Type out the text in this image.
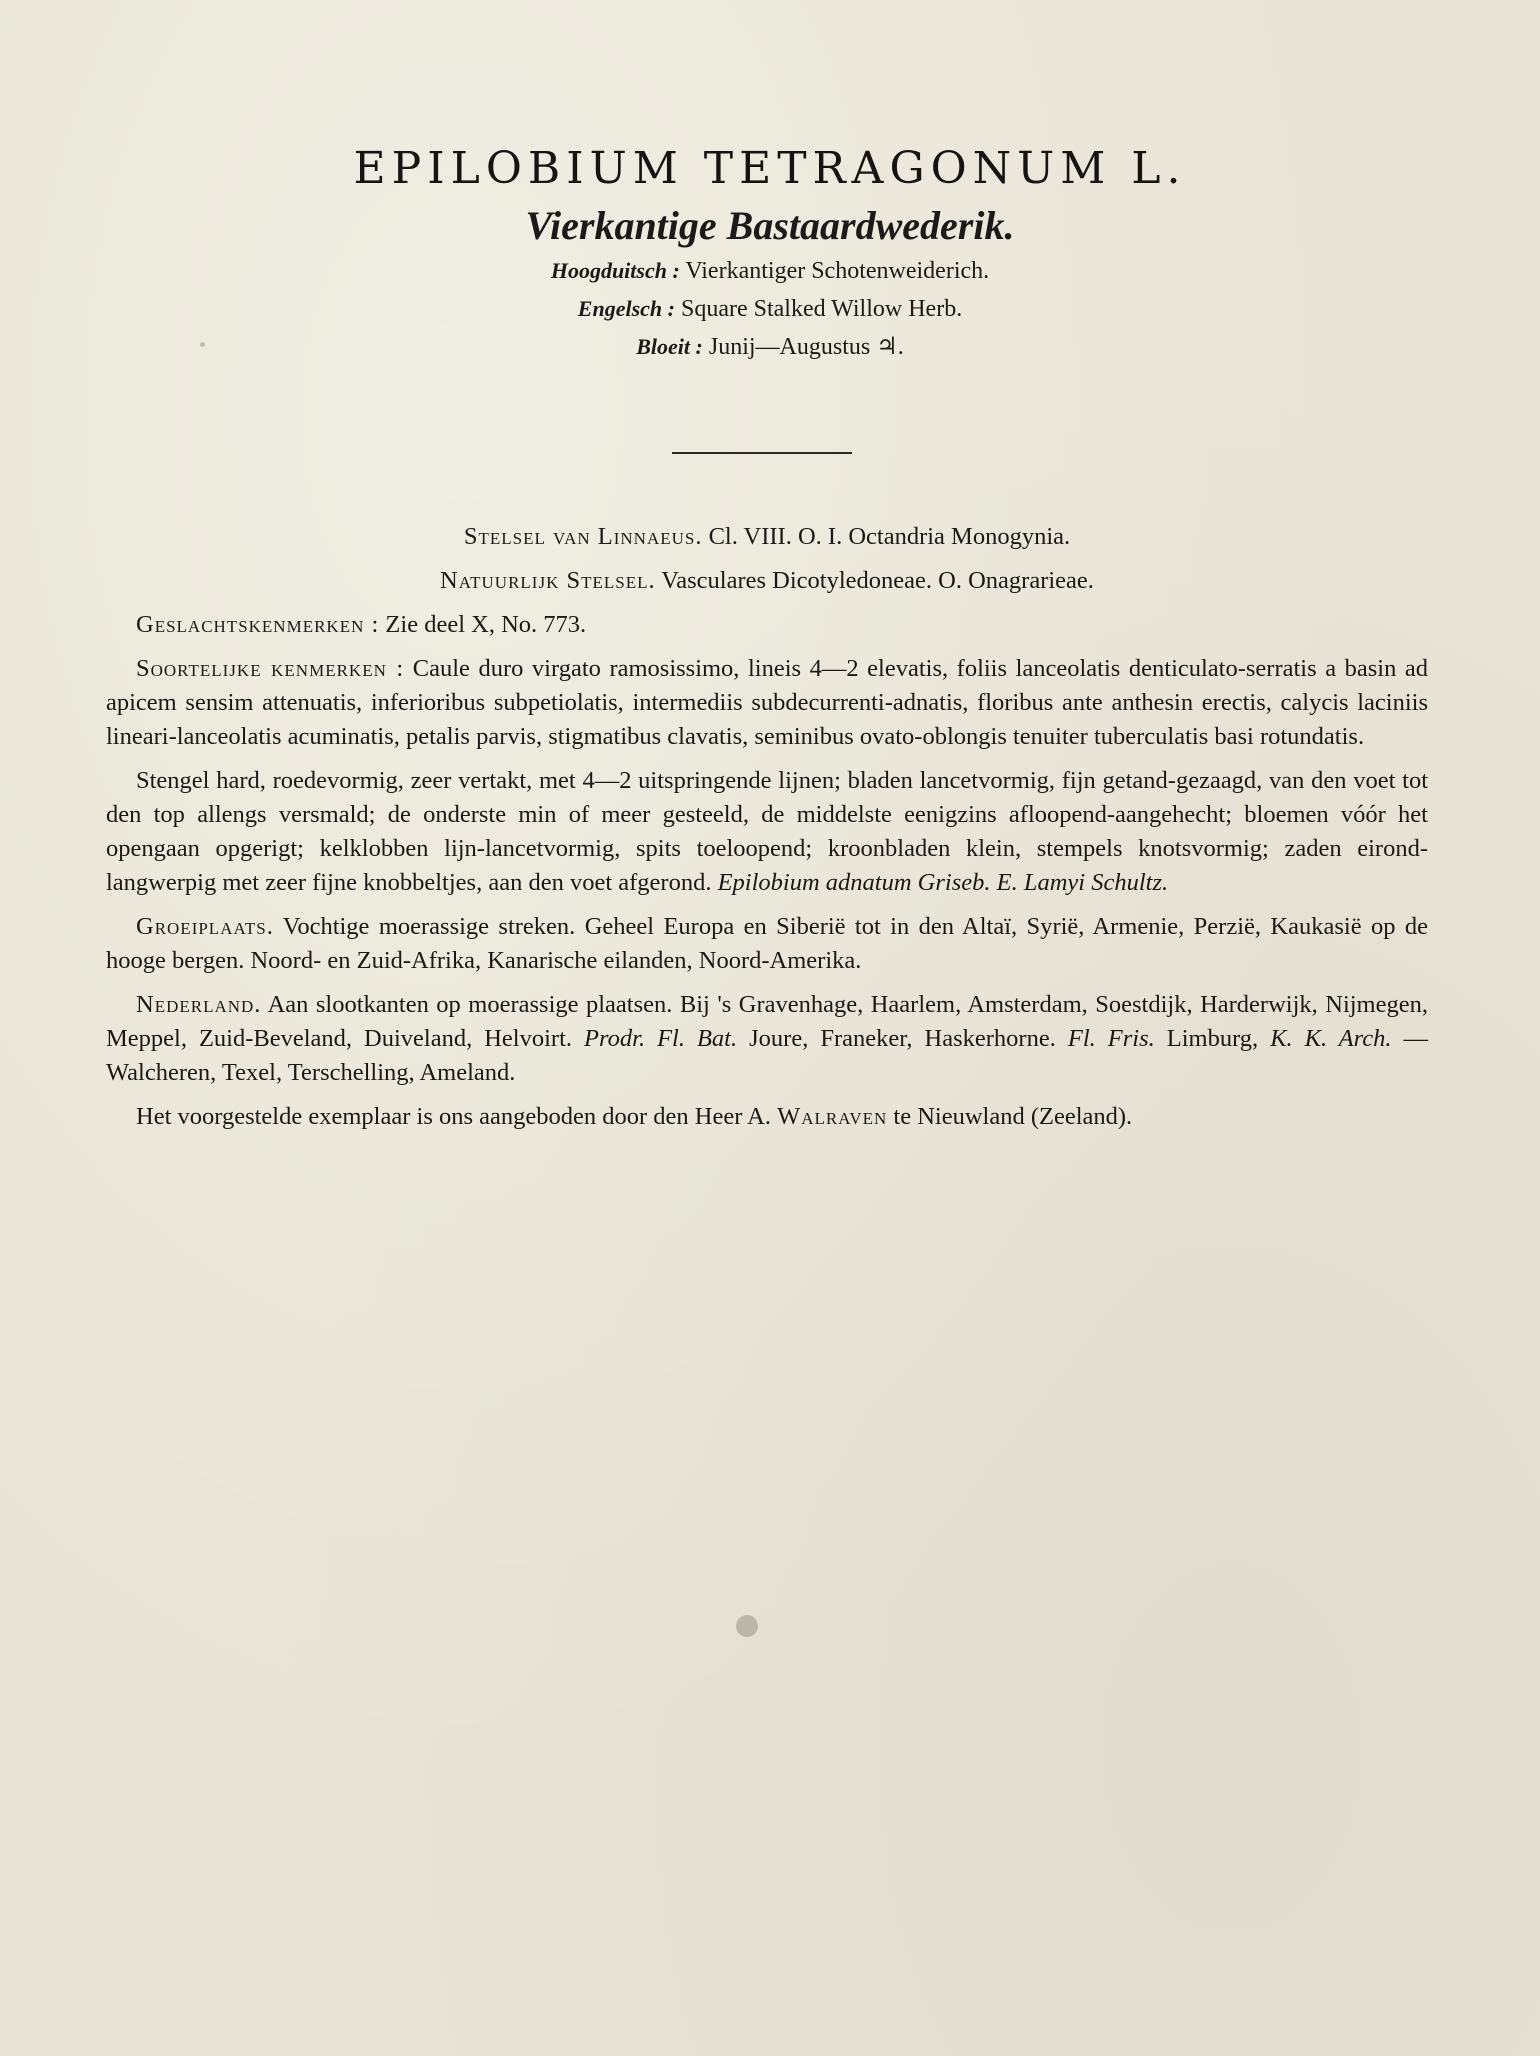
EPILOBIUM TETRAGONUM L.

Vierkantige Bastaardwederik.

Hoogduitsch : Vierkantiger Schotenweiderich.

Engelsch : Square Stalked Willow Herb.

Bloeit : Junij—Augustus ♃.

Stelsel van Linnaeus. Cl. VIII. O. I. Octandria Monogynia.

Natuurlijk Stelsel. Vasculares Dicotyledoneae. O. Onagrarieae.

Geslachtskenmerken : Zie deel X, No. 773.

Soortelijke kenmerken : Caule duro virgato ramosissimo, lineis 4—2 elevatis, foliis lanceolatis denticulato-serratis a basin ad apicem sensim attenuatis, inferioribus subpetiolatis, intermediis subdecurrenti-adnatis, floribus ante anthesin erectis, calycis laciniis lineari-lanceolatis acuminatis, petalis parvis, stigmatibus clavatis, seminibus ovato-oblongis tenuiter tuberculatis basi rotundatis.

Stengel hard, roedevormig, zeer vertakt, met 4—2 uitspringende lijnen; bladen lancetvormig, fijn getand-gezaagd, van den voet tot den top allengs versmald; de onderste min of meer gesteeld, de middelste eenigzins afloopend-aangehecht; bloemen vóór het opengaan opgerigt; kelklobben lijn-lancetvormig, spits toeloopend; kroonbladen klein, stempels knotsvormig; zaden eirond-langwerpig met zeer fijne knobbeltjes, aan den voet afgerond. Epilobium adnatum Griseb. E. Lamyi Schultz.

Groeiplaats. Vochtige moerassige streken. Geheel Europa en Siberië tot in den Altaï, Syrië, Armenie, Perzië, Kaukasië op de hooge bergen. Noord- en Zuid-Afrika, Kanarische eilanden, Noord-Amerika.

Nederland. Aan slootkanten op moerassige plaatsen. Bij 's Gravenhage, Haarlem, Amsterdam, Soestdijk, Harderwijk, Nijmegen, Meppel, Zuid-Beveland, Duiveland, Helvoirt. Prodr. Fl. Bat. Joure, Franeker, Haskerhorne. Fl. Fris. Limburg, K. K. Arch. — Walcheren, Texel, Terschelling, Ameland.

Het voorgestelde exemplaar is ons aangeboden door den Heer A. Walraven te Nieuwland (Zeeland).
